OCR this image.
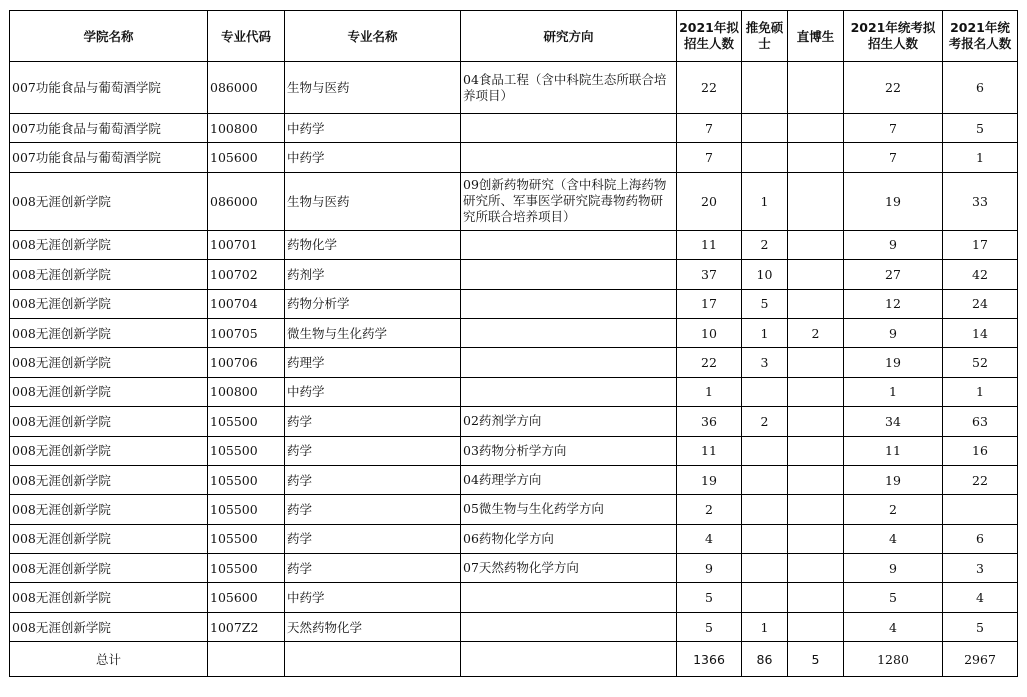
学院名称	专业代码	专业名称	研究方向	2021年拟招生人数	推免硕士	直博生	2021年统考拟招生人数	2021年统考报名人数
007功能食品与葡萄酒学院	086000	生物与医药	04食品工程（含中科院生态所联合培养项目）	22			22	6
007功能食品与葡萄酒学院	100800	中药学		7			7	5
007功能食品与葡萄酒学院	105600	中药学		7			7	1
008无涯创新学院	086000	生物与医药	09创新药物研究（含中科院上海药物研究所、军事医学研究院毒物药物研究所联合培养项目）	20	1		19	33
008无涯创新学院	100701	药物化学		11	2		9	17
008无涯创新学院	100702	药剂学		37	10		27	42
008无涯创新学院	100704	药物分析学		17	5		12	24
008无涯创新学院	100705	微生物与生化药学		10	1	2	9	14
008无涯创新学院	100706	药理学		22	3		19	52
008无涯创新学院	100800	中药学		1			1	1
008无涯创新学院	105500	药学	02药剂学方向	36	2		34	63
008无涯创新学院	105500	药学	03药物分析学方向	11			11	16
008无涯创新学院	105500	药学	04药理学方向	19			19	22
008无涯创新学院	105500	药学	05微生物与生化药学方向	2			2	
008无涯创新学院	105500	药学	06药物化学方向	4			4	6
008无涯创新学院	105500	药学	07天然药物化学方向	9			9	3
008无涯创新学院	105600	中药学		5			5	4
008无涯创新学院	1007Z2	天然药物化学		5	1		4	5
总计				1366	86	5	1280	2967
